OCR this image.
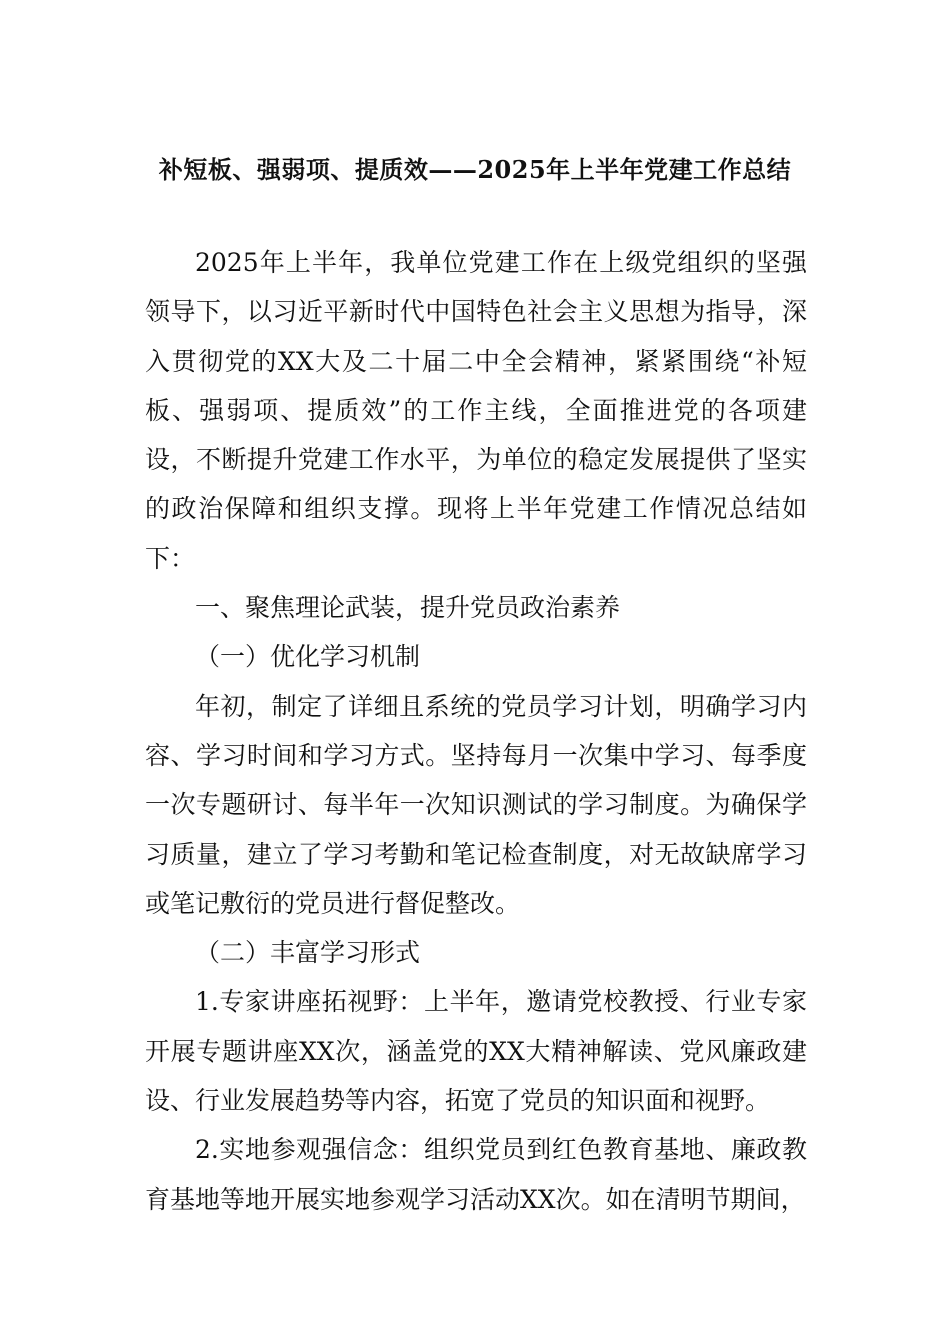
补短板、强弱项、提质效——2025年上半年党建工作总结

2025年上半年，我单位党建工作在上级党组织的坚强领导下，以习近平新时代中国特色社会主义思想为指导，深入贯彻党的XX大及二十届二中全会精神，紧紧围绕“补短板、强弱项、提质效”的工作主线，全面推进党的各项建设，不断提升党建工作水平，为单位的稳定发展提供了坚实的政治保障和组织支撑。现将上半年党建工作情况总结如下：

一、聚焦理论武装，提升党员政治素养

（一）优化学习机制

年初，制定了详细且系统的党员学习计划，明确学习内容、学习时间和学习方式。坚持每月一次集中学习、每季度一次专题研讨、每半年一次知识测试的学习制度。为确保学习质量，建立了学习考勤和笔记检查制度，对无故缺席学习或笔记敷衍的党员进行督促整改。

（二）丰富学习形式

1.专家讲座拓视野：上半年，邀请党校教授、行业专家开展专题讲座XX次，涵盖党的XX大精神解读、党风廉政建设、行业发展趋势等内容，拓宽了党员的知识面和视野。

2.实地参观强信念：组织党员到红色教育基地、廉政教育基地等地开展实地参观学习活动XX次。如在清明节期间，
